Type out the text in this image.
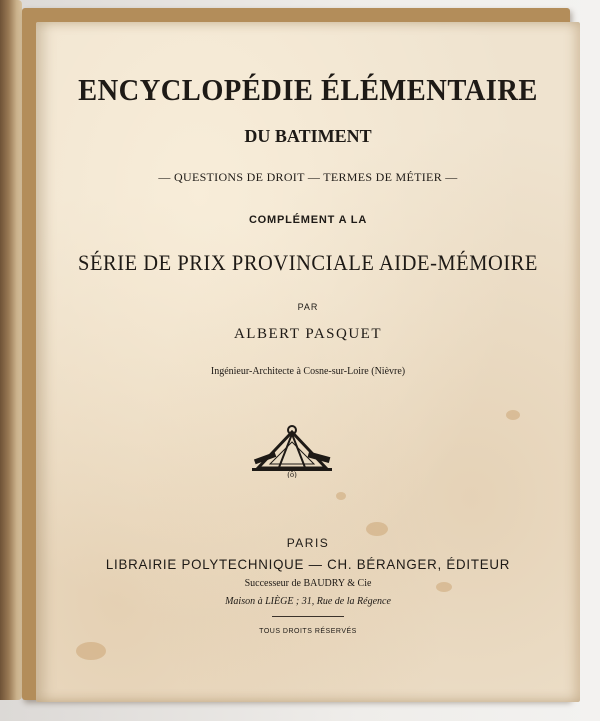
ENCYCLOPÉDIE ÉLÉMENTAIRE
DU BATIMENT
— QUESTIONS DE DROIT — TERMES DE MÉTIER —
COMPLÉMENT A LA
SÉRIE DE PRIX PROVINCIALE AIDE-MÉMOIRE
PAR
ALBERT PASQUET
Ingénieur-Architecte à Cosne-sur-Loire (Nièvre)
(ô)
PARIS
LIBRAIRIE POLYTECHNIQUE — CH. BÉRANGER, ÉDITEUR
Successeur de BAUDRY & Cie
Maison à LIÈGE ; 31, Rue de la Régence
TOUS DROITS RÉSERVÉS
